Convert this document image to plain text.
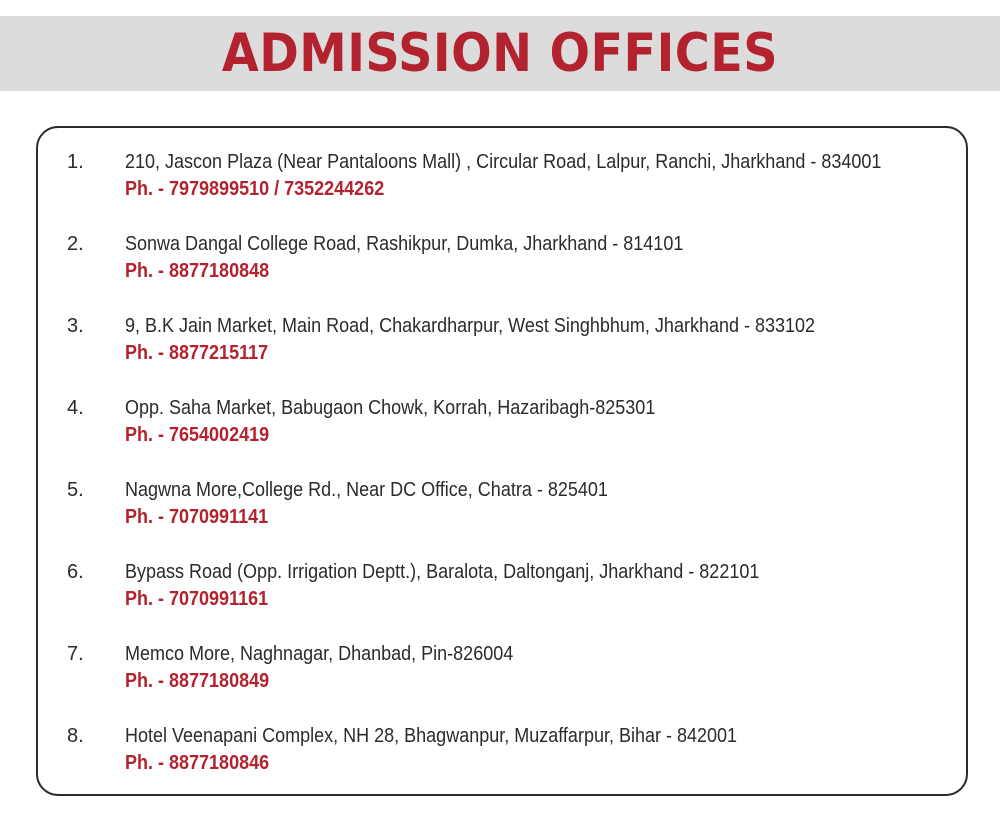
ADMISSION OFFICES
1. 210, Jascon Plaza (Near Pantaloons Mall) , Circular Road, Lalpur, Ranchi, Jharkhand - 834001
Ph. - 7979899510 / 7352244262
2. Sonwa Dangal College Road, Rashikpur, Dumka, Jharkhand - 814101
Ph. - 8877180848
3. 9, B.K Jain Market, Main Road, Chakardharpur, West Singhbhum, Jharkhand - 833102
Ph. - 8877215117
4. Opp. Saha Market, Babugaon Chowk, Korrah, Hazaribagh-825301
Ph. - 7654002419
5. Nagwna More,College Rd., Near DC Office, Chatra - 825401
Ph. - 7070991141
6. Bypass Road (Opp. Irrigation Deptt.), Baralota, Daltonganj, Jharkhand - 822101
Ph. - 7070991161
7. Memco More, Naghnagar, Dhanbad, Pin-826004
Ph. - 8877180849
8. Hotel Veenapani Complex, NH 28, Bhagwanpur, Muzaffarpur, Bihar - 842001
Ph. - 8877180846
